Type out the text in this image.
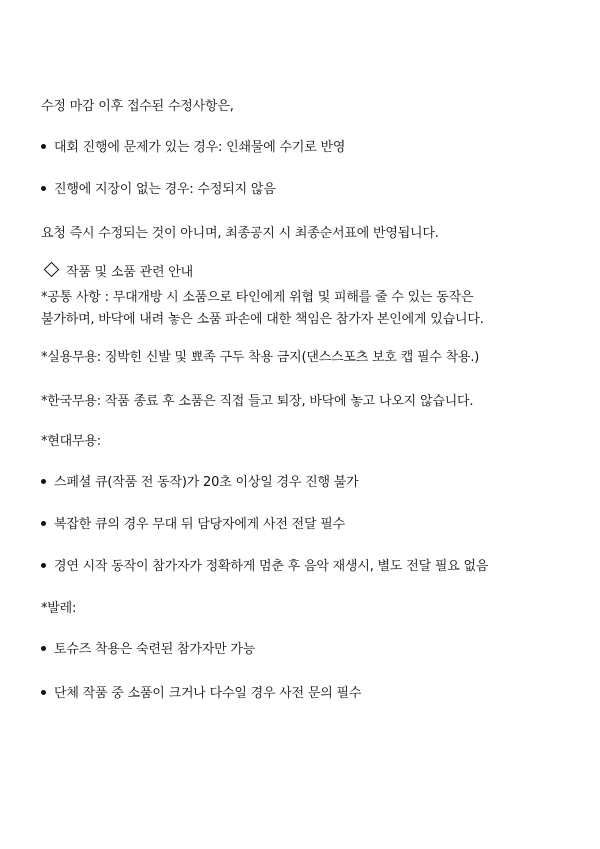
수정 마감 이후 접수된 수정사항은,
대회 진행에 문제가 있는 경우: 인쇄물에 수기로 반영
진행에 지장이 없는 경우: 수정되지 않음
요청 즉시 수정되는 것이 아니며, 최종공지 시 최종순서표에 반영됩니다.
작품 및 소품 관련 안내
*공통 사항 : 무대개방 시 소품으로 타인에게 위협 및 피해를 줄 수 있는 동작은
불가하며, 바닥에 내려 놓은 소품 파손에 대한 책임은 참가자 본인에게 있습니다.
*실용무용: 징박힌 신발 및 뾰족 구두 착용 금지(댄스스포츠 보호 캡 필수 착용.)
*한국무용: 작품 종료 후 소품은 직접 들고 퇴장, 바닥에 놓고 나오지 않습니다.
*현대무용:
스페셜 큐(작품 전 동작)가 20초 이상일 경우 진행 불가
복잡한 큐의 경우 무대 뒤 담당자에게 사전 전달 필수
경연 시작 동작이 참가자가 정확하게 멈춘 후 음악 재생시, 별도 전달 필요 없음
*발레:
토슈즈 착용은 숙련된 참가자만 가능
단체 작품 중 소품이 크거나 다수일 경우 사전 문의 필수
